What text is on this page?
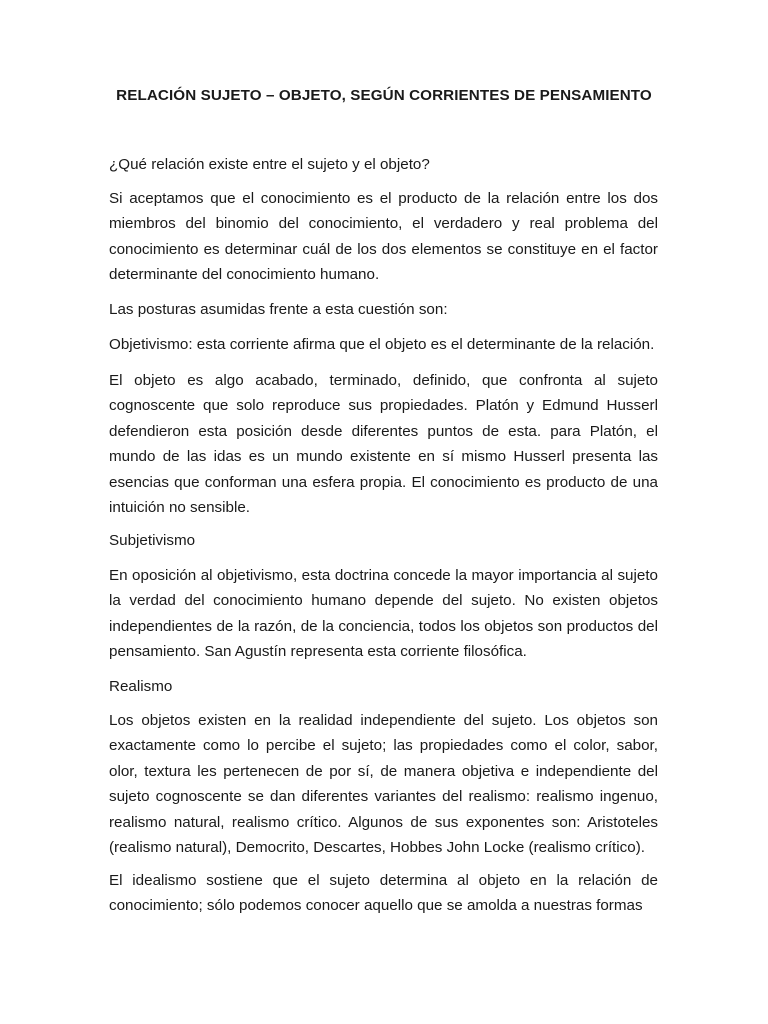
RELACIÓN SUJETO – OBJETO, SEGÚN CORRIENTES DE PENSAMIENTO

¿Qué relación existe entre el sujeto y el objeto?

Si aceptamos que el conocimiento es el producto de la relación entre los dos miembros del binomio del conocimiento, el verdadero y real problema del conocimiento es determinar cuál de los dos elementos se constituye en el factor determinante del conocimiento humano.

Las posturas asumidas frente a esta cuestión son:

Objetivismo: esta corriente afirma que el objeto es el determinante de la relación.

El objeto es algo acabado, terminado, definido, que confronta al sujeto cognoscente que solo reproduce sus propiedades. Platón y Edmund Husserl defendieron esta posición desde diferentes puntos de esta. para Platón, el mundo de las idas es un mundo existente en sí mismo Husserl presenta las esencias que conforman una esfera propia. El conocimiento es producto de una intuición no sensible.

Subjetivismo

En oposición al objetivismo, esta doctrina concede la mayor importancia al sujeto la verdad del conocimiento humano depende del sujeto. No existen objetos independientes de la razón, de la conciencia, todos los objetos son productos del pensamiento. San Agustín representa esta corriente filosófica.

Realismo

Los objetos existen en la realidad independiente del sujeto. Los objetos son exactamente como lo percibe el sujeto; las propiedades como el color, sabor, olor, textura les pertenecen de por sí, de manera objetiva e independiente del sujeto cognoscente se dan diferentes variantes del realismo: realismo ingenuo, realismo natural, realismo crítico. Algunos de sus exponentes son: Aristoteles (realismo natural), Democrito, Descartes, Hobbes John Locke (realismo crítico).

El idealismo sostiene que el sujeto determina al objeto en la relación de conocimiento; sólo podemos conocer aquello que se amolda a nuestras formas
